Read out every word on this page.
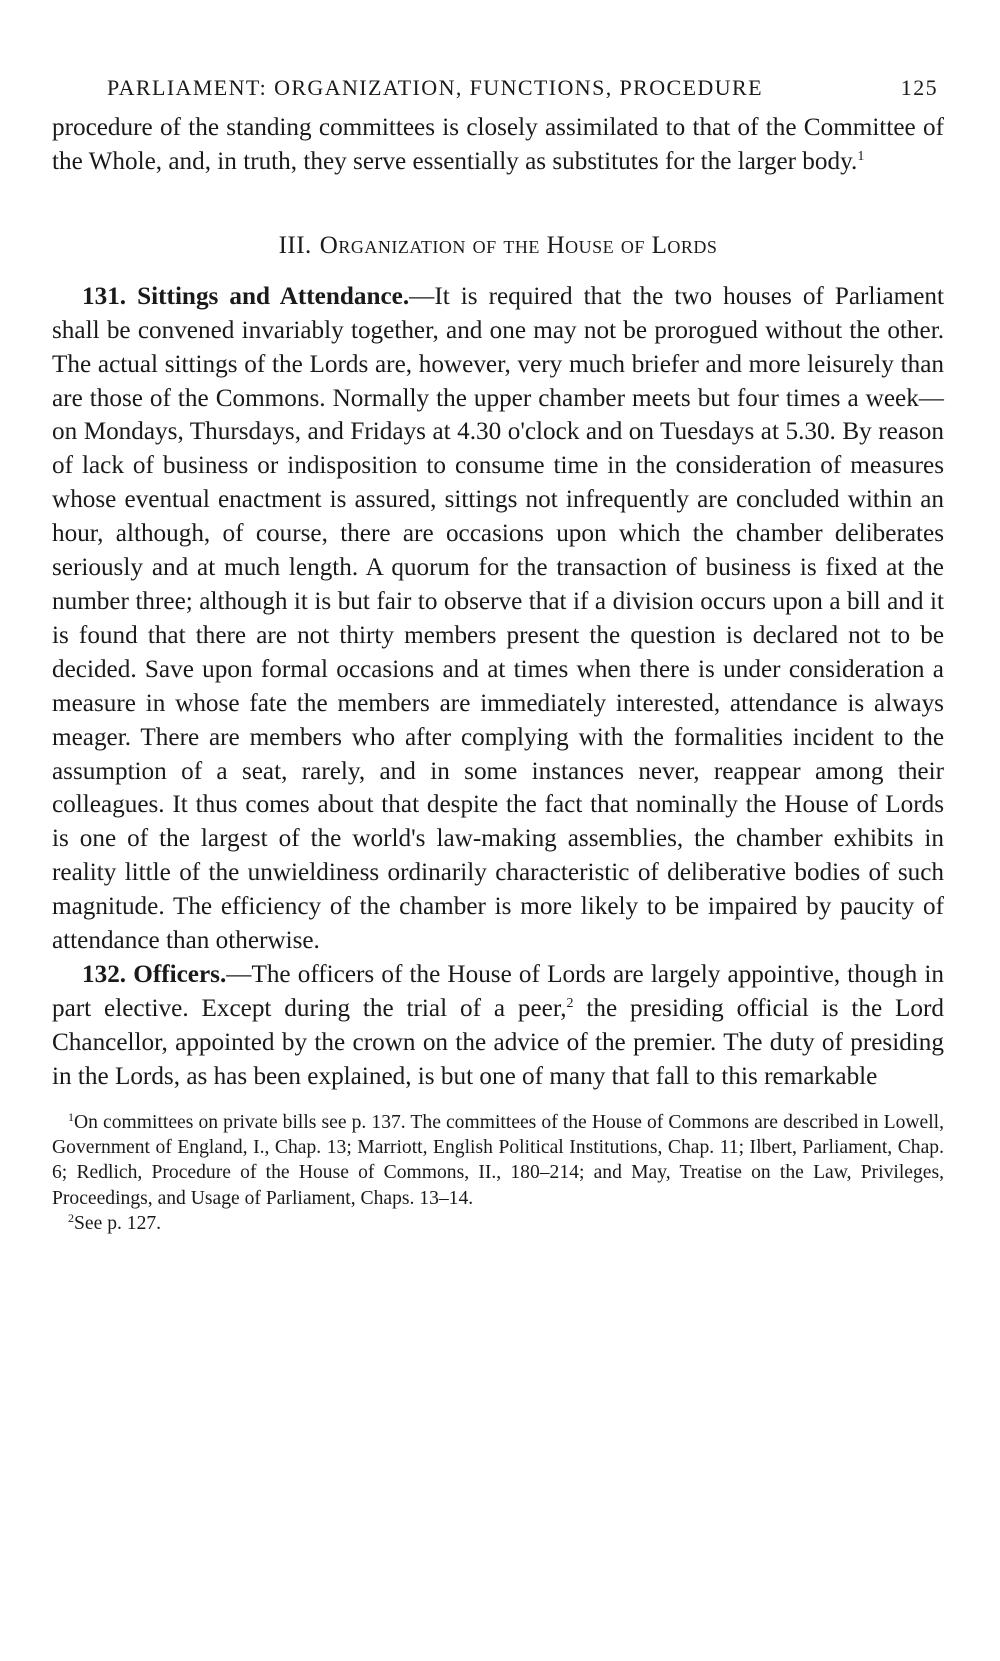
PARLIAMENT: ORGANIZATION, FUNCTIONS, PROCEDURE	125

procedure of the standing committees is closely assimilated to that of the Committee of the Whole, and, in truth, they serve essentially as substitutes for the larger body.$^1$

III. Organization of the House of Lords

131. Sittings and Attendance.—It is required that the two houses of Parliament shall be convened invariably together, and one may not be prorogued without the other. The actual sittings of the Lords are, however, very much briefer and more leisurely than are those of the Commons. Normally the upper chamber meets but four times a week—on Mondays, Thursdays, and Fridays at 4.30 o'clock and on Tuesdays at 5.30. By reason of lack of business or indisposition to consume time in the consideration of measures whose eventual enactment is assured, sittings not infrequently are concluded within an hour, although, of course, there are occasions upon which the chamber deliberates seriously and at much length. A quorum for the transaction of business is fixed at the number three; although it is but fair to observe that if a division occurs upon a bill and it is found that there are not thirty members present the question is declared not to be decided. Save upon formal occasions and at times when there is under consideration a measure in whose fate the members are immediately interested, attendance is always meager. There are members who after complying with the formalities incident to the assumption of a seat, rarely, and in some instances never, reappear among their colleagues. It thus comes about that despite the fact that nominally the House of Lords is one of the largest of the world's law-making assemblies, the chamber exhibits in reality little of the unwieldiness ordinarily characteristic of deliberative bodies of such magnitude. The efficiency of the chamber is more likely to be impaired by paucity of attendance than otherwise.

132. Officers.—The officers of the House of Lords are largely appointive, though in part elective. Except during the trial of a peer,$^2$ the presiding official is the Lord Chancellor, appointed by the crown on the advice of the premier. The duty of presiding in the Lords, as has been explained, is but one of many that fall to this remarkable

$^1$On committees on private bills see p. 137. The committees of the House of Commons are described in Lowell, Government of England, I., Chap. 13; Marriott, English Political Institutions, Chap. 11; Ilbert, Parliament, Chap. 6; Redlich, Procedure of the House of Commons, II., 180–214; and May, Treatise on the Law, Privileges, Proceedings, and Usage of Parliament, Chaps. 13–14.

$^2$See p. 127.
